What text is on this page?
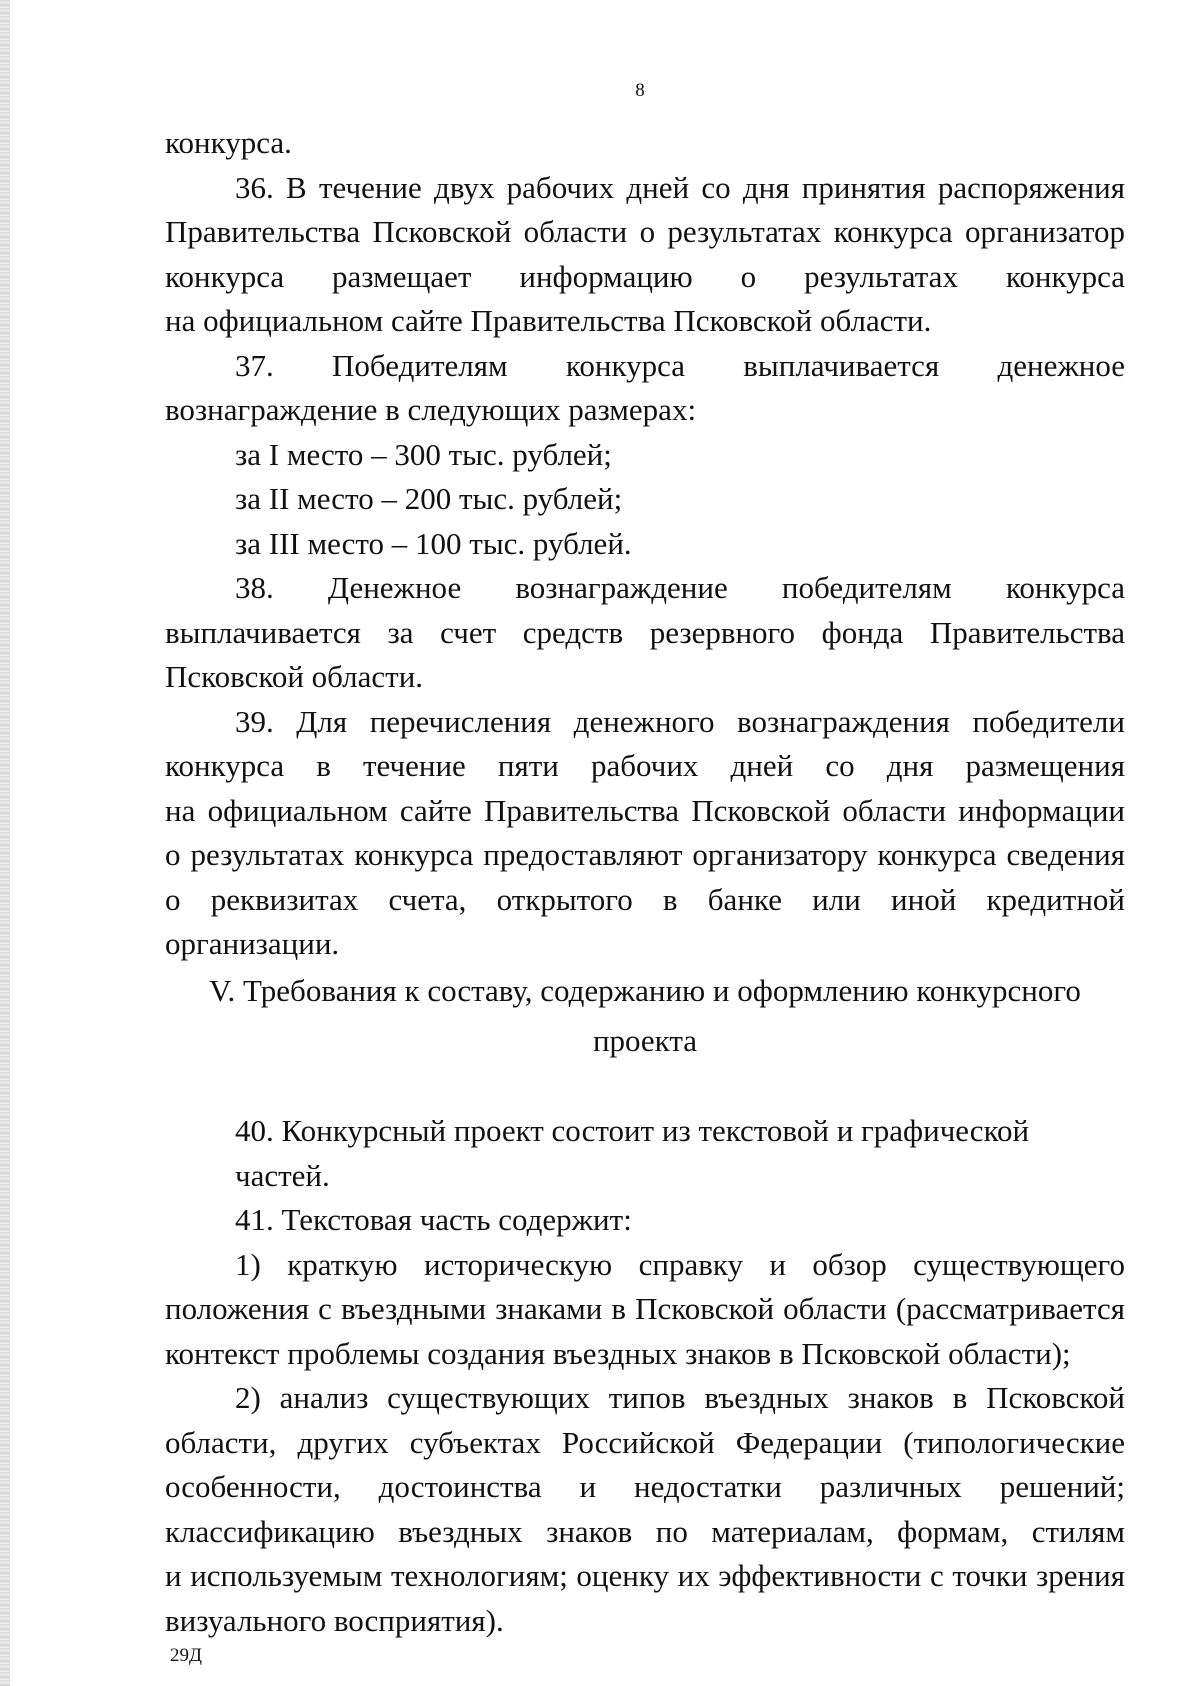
8

конкурса.

36. В течение двух рабочих дней со дня принятия распоряжения

Правительства Псковской области о результатах конкурса организатор

конкурса размещает информацию о результатах конкурса

на официальном сайте Правительства Псковской области.

37. Победителям конкурса выплачивается денежное

вознаграждение в следующих размерах:

за I место – 300 тыс. рублей;

за II место – 200 тыс. рублей;

за III место – 100 тыс. рублей.

38. Денежное вознаграждение победителям конкурса

выплачивается за счет средств резервного фонда Правительства

Псковской области.

39. Для перечисления денежного вознаграждения победители

конкурса в течение пяти рабочих дней со дня размещения

на официальном сайте Правительства Псковской области информации

о результатах конкурса предоставляют организатору конкурса сведения

о реквизитах счета, открытого в банке или иной кредитной организации.

V. Требования к составу, содержанию и оформлению конкурсного
проекта

40. Конкурсный проект состоит из текстовой и графической частей.

41. Текстовая часть содержит:

1) краткую историческую справку и обзор существующего

положения с въездными знаками в Псковской области (рассматривается

контекст проблемы создания въездных знаков в Псковской области);

2) анализ существующих типов въездных знаков в Псковской

области, других субъектах Российской Федерации (типологические

особенности, достоинства и недостатки различных решений;

классификацию въездных знаков по материалам, формам, стилям

и используемым технологиям; оценку их эффективности с точки зрения

визуального восприятия).

29Д
